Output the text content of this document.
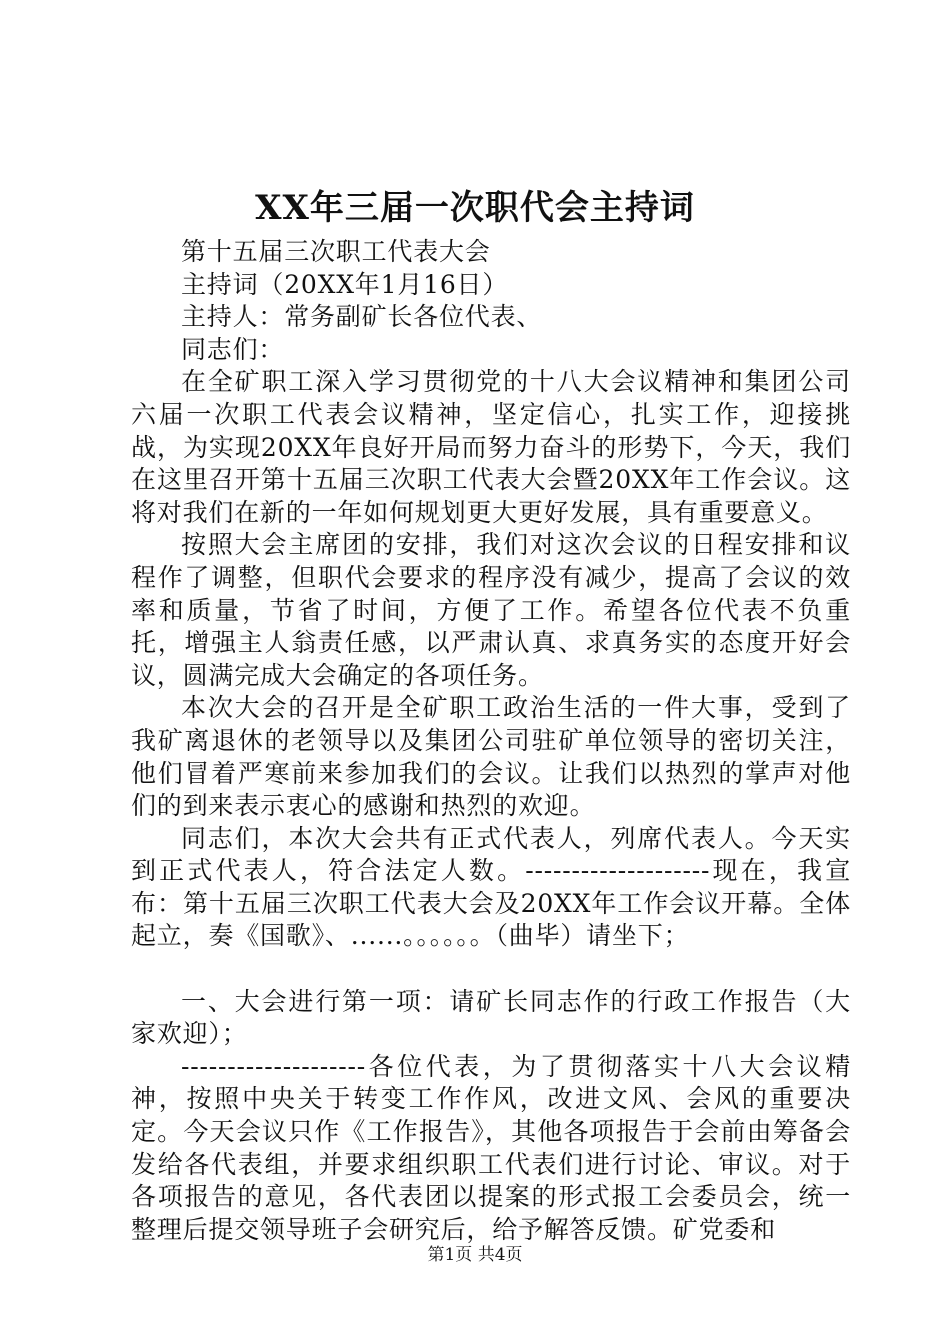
XX年三届一次职代会主持词

第十五届三次职工代表大会

主持词（20XX年1月16日）

主持人：常务副矿长各位代表、

同志们：

在全矿职工深入学习贯彻党的十八大会议精神和集团公司六届一次职工代表会议精神，坚定信心，扎实工作，迎接挑战，为实现20XX年良好开局而努力奋斗的形势下，今天，我们在这里召开第十五届三次职工代表大会暨20XX年工作会议。这将对我们在新的一年如何规划更大更好发展，具有重要意义。

按照大会主席团的安排，我们对这次会议的日程安排和议程作了调整，但职代会要求的程序没有减少，提高了会议的效率和质量，节省了时间，方便了工作。希望各位代表不负重托，增强主人翁责任感，以严肃认真、求真务实的态度开好会议，圆满完成大会确定的各项任务。

本次大会的召开是全矿职工政治生活的一件大事，受到了我矿离退休的老领导以及集团公司驻矿单位领导的密切关注，他们冒着严寒前来参加我们的会议。让我们以热烈的掌声对他们的到来表示衷心的感谢和热烈的欢迎。

同志们，本次大会共有正式代表人，列席代表人。今天实到正式代表人，符合法定人数。--------------------现在，我宣布：第十五届三次职工代表大会及20XX年工作会议开幕。全体起立，奏《国歌》、......。。。。。。（曲毕）请坐下；

一、大会进行第一项：请矿长同志作的行政工作报告（大家欢迎）；

--------------------各位代表，为了贯彻落实十八大会议精神，按照中央关于转变工作作风，改进文风、会风的重要决定。今天会议只作《工作报告》，其他各项报告于会前由筹备会发给各代表组，并要求组织职工代表们进行讨论、审议。对于各项报告的意见，各代表团以提案的形式报工会委员会，统一整理后提交领导班子会研究后，给予解答反馈。矿党委和

第1页 共4页
